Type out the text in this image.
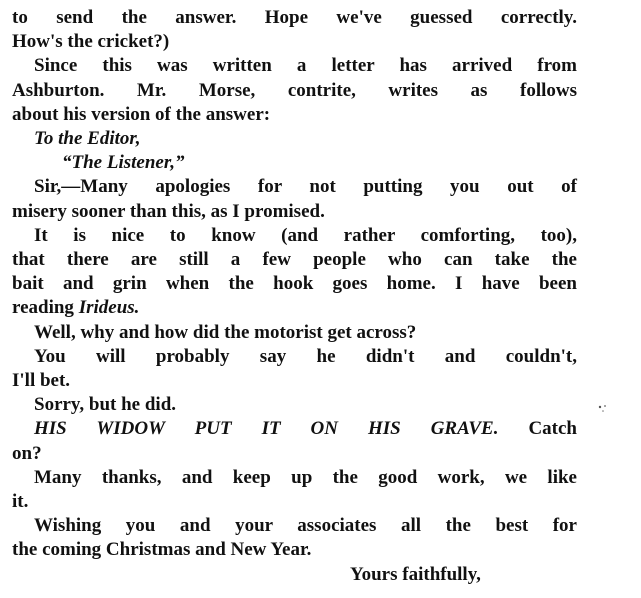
to send the answer. Hope we've guessed correctly.
How's the cricket?)
Since this was written a letter has arrived from
Ashburton. Mr. Morse, contrite, writes as follows
about his version of the answer:
To the Editor,
“The Listener,”
Sir,—Many apologies for not putting you out of
misery sooner than this, as I promised.
It is nice to know (and rather comforting, too),
that there are still a few people who can take the
bait and grin when the hook goes home. I have been
reading Irideus.
Well, why and how did the motorist get across?
You will probably say he didn't and couldn't,
I'll bet.
Sorry, but he did.
HIS WIDOW PUT IT ON HIS GRAVE. Catch
on?
Many thanks, and keep up the good work, we like
it.
Wishing you and your associates all the best for
the coming Christmas and New Year.
Yours faithfully,
